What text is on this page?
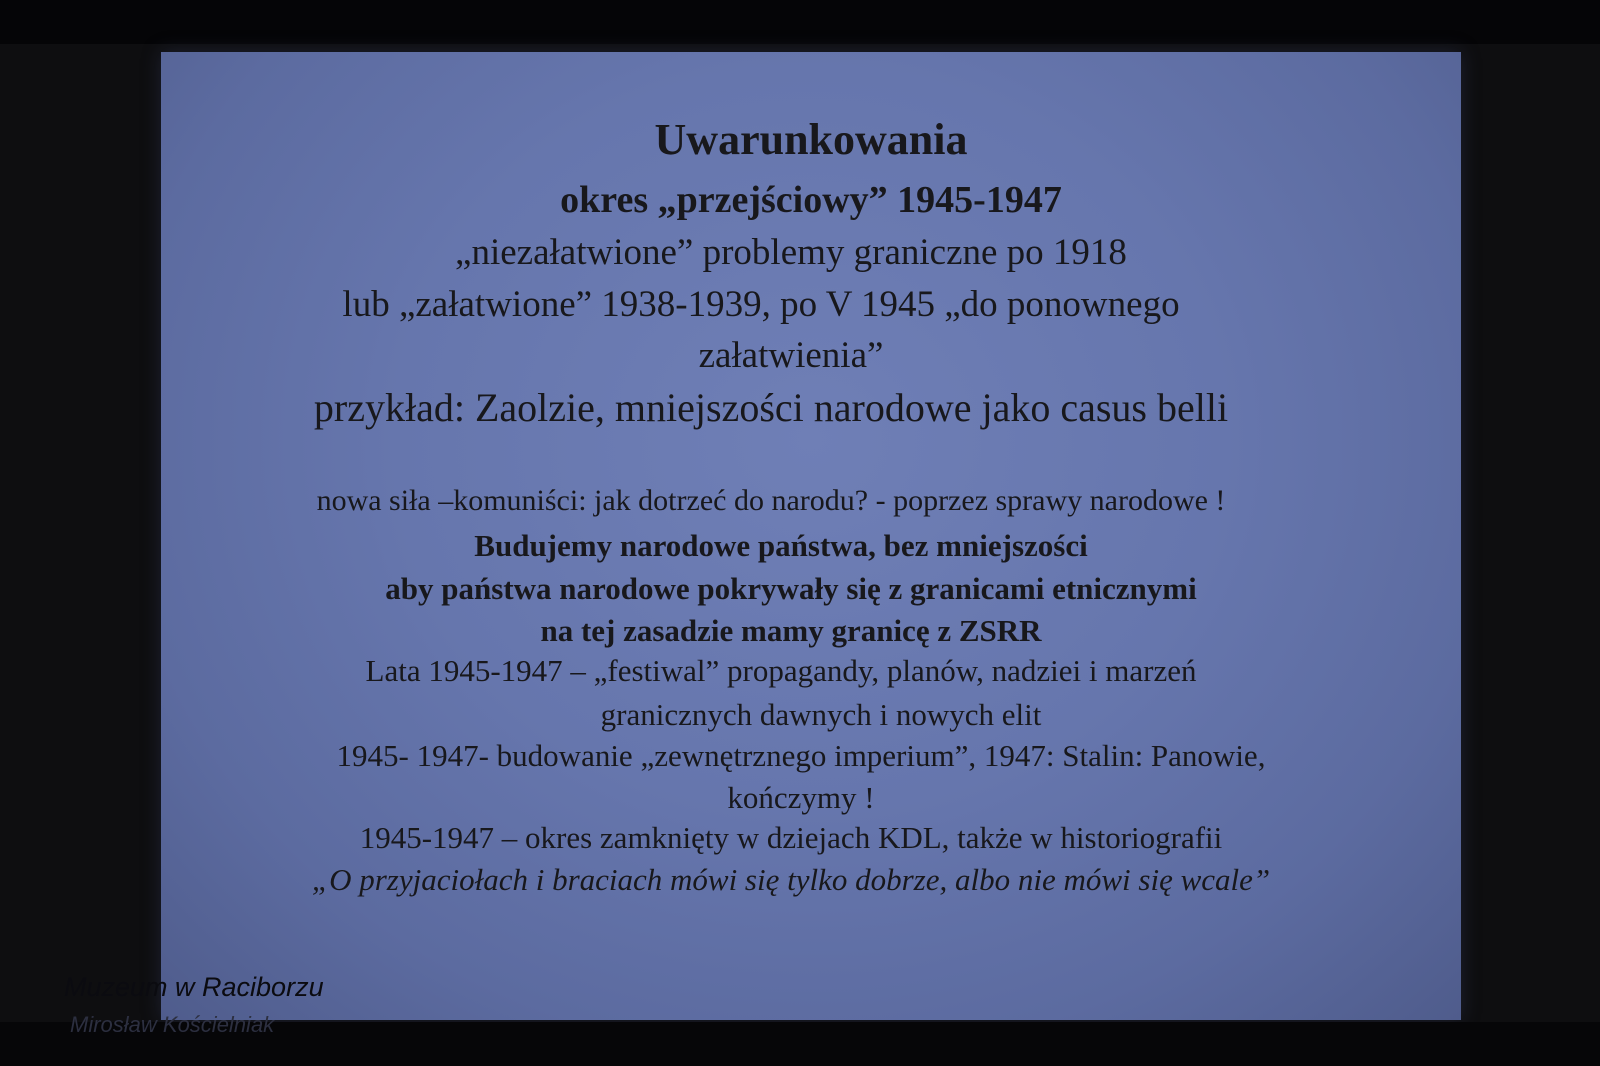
Uwarunkowania
okres „przejściowy” 1945-1947
„niezałatwione” problemy graniczne po 1918
lub „załatwione” 1938-1939, po V 1945 „do ponownego
załatwienia”
przykład: Zaolzie, mniejszości narodowe jako casus belli
nowa siła –komuniści: jak dotrzeć do narodu? - poprzez sprawy narodowe !
Budujemy narodowe państwa, bez mniejszości
aby państwa narodowe pokrywały się z granicami etnicznymi
na tej zasadzie mamy granicę z ZSRR
Lata 1945-1947 – „festiwal” propagandy, planów, nadziei i marzeń
granicznych dawnych i nowych elit
1945- 1947- budowanie „zewnętrznego imperium”, 1947: Stalin: Panowie,
kończymy !
1945-1947 – okres zamknięty w dziejach KDL, także w historiografii
„O przyjaciołach i braciach mówi się tylko dobrze, albo nie mówi się wcale”
Muzeum w Raciborzu
